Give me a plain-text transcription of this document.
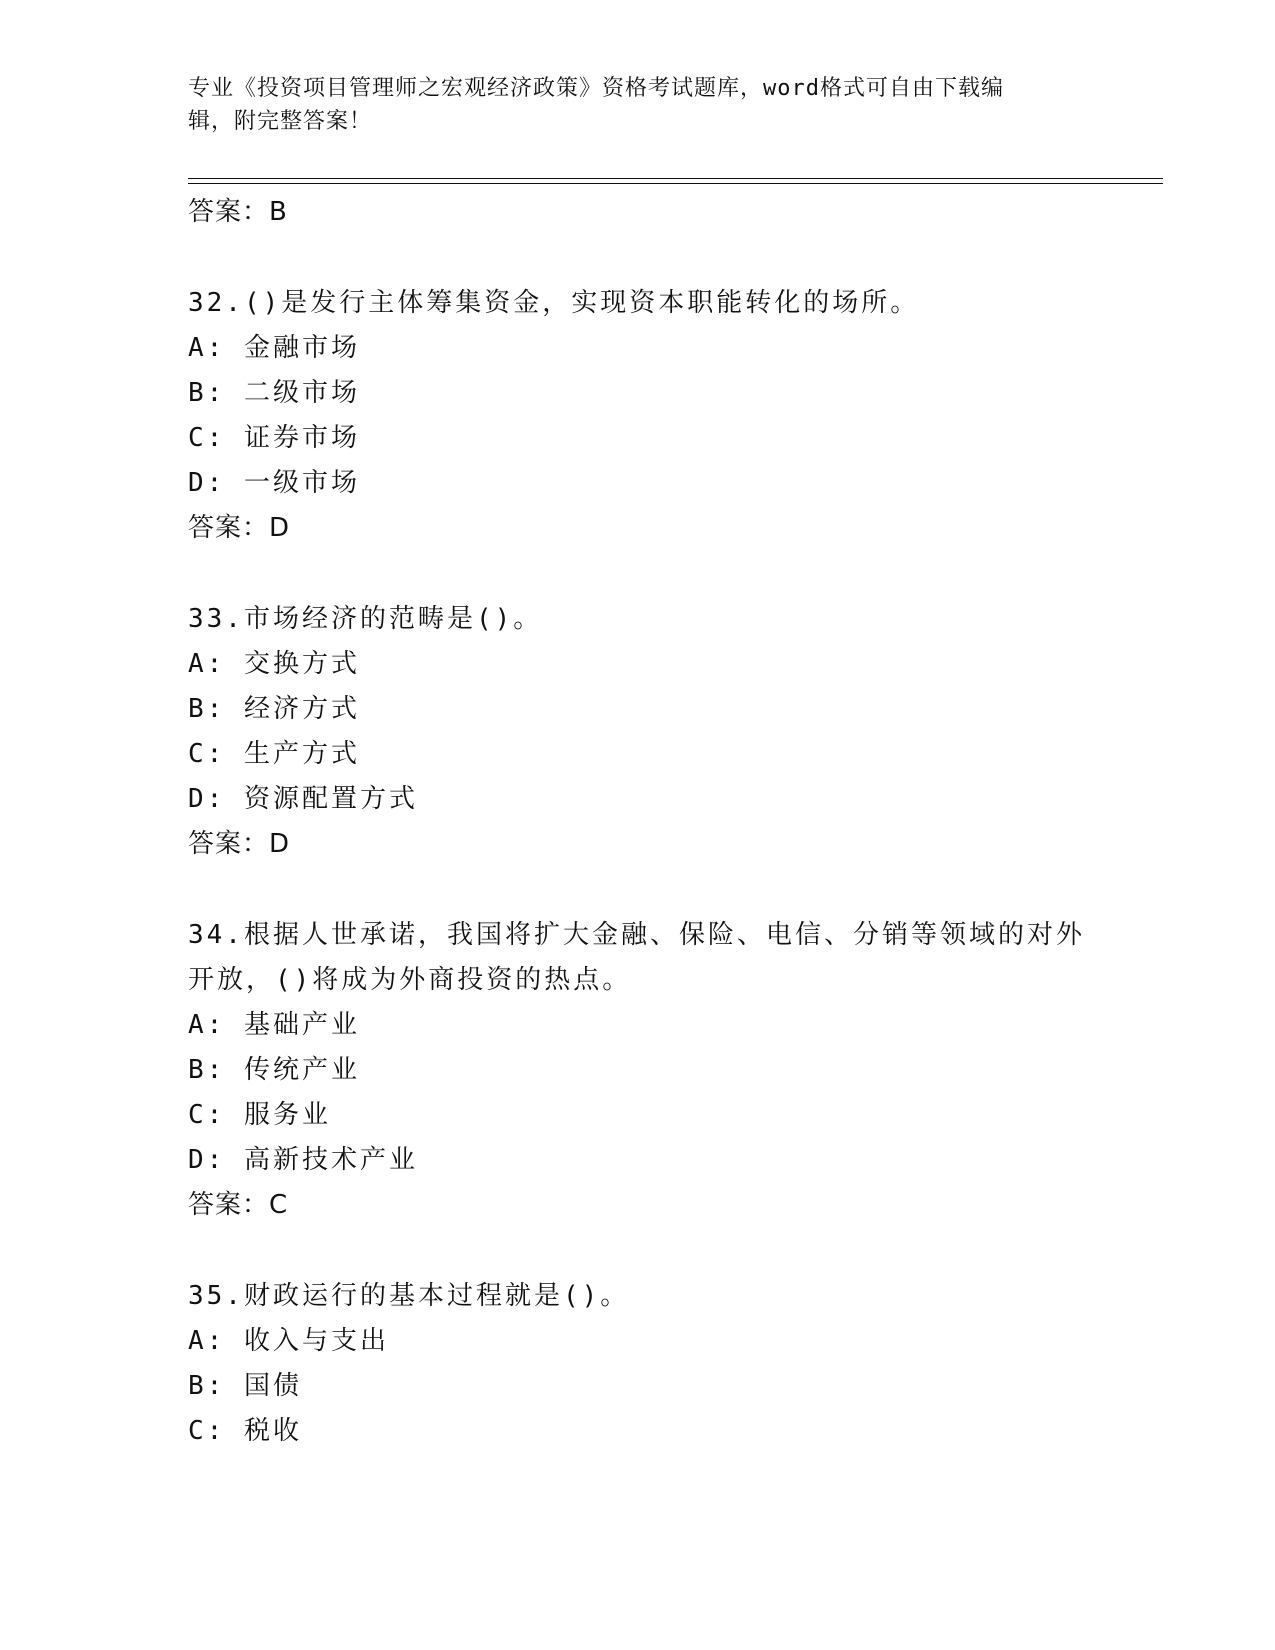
专业《投资项目管理师之宏观经济政策》资格考试题库，word格式可自由下载编
辑，附完整答案！
答案：B
32.()是发行主体筹集资金，实现资本职能转化的场所。
A: 金融市场
B: 二级市场
C: 证券市场
D: 一级市场
答案：D
33.市场经济的范畴是()。
A: 交换方式
B: 经济方式
C: 生产方式
D: 资源配置方式
答案：D
34.根据人世承诺，我国将扩大金融、保险、电信、分销等领域的对外
开放，()将成为外商投资的热点。
A: 基础产业
B: 传统产业
C: 服务业
D: 高新技术产业
答案：C
35.财政运行的基本过程就是()。
A: 收入与支出
B: 国债
C: 税收
